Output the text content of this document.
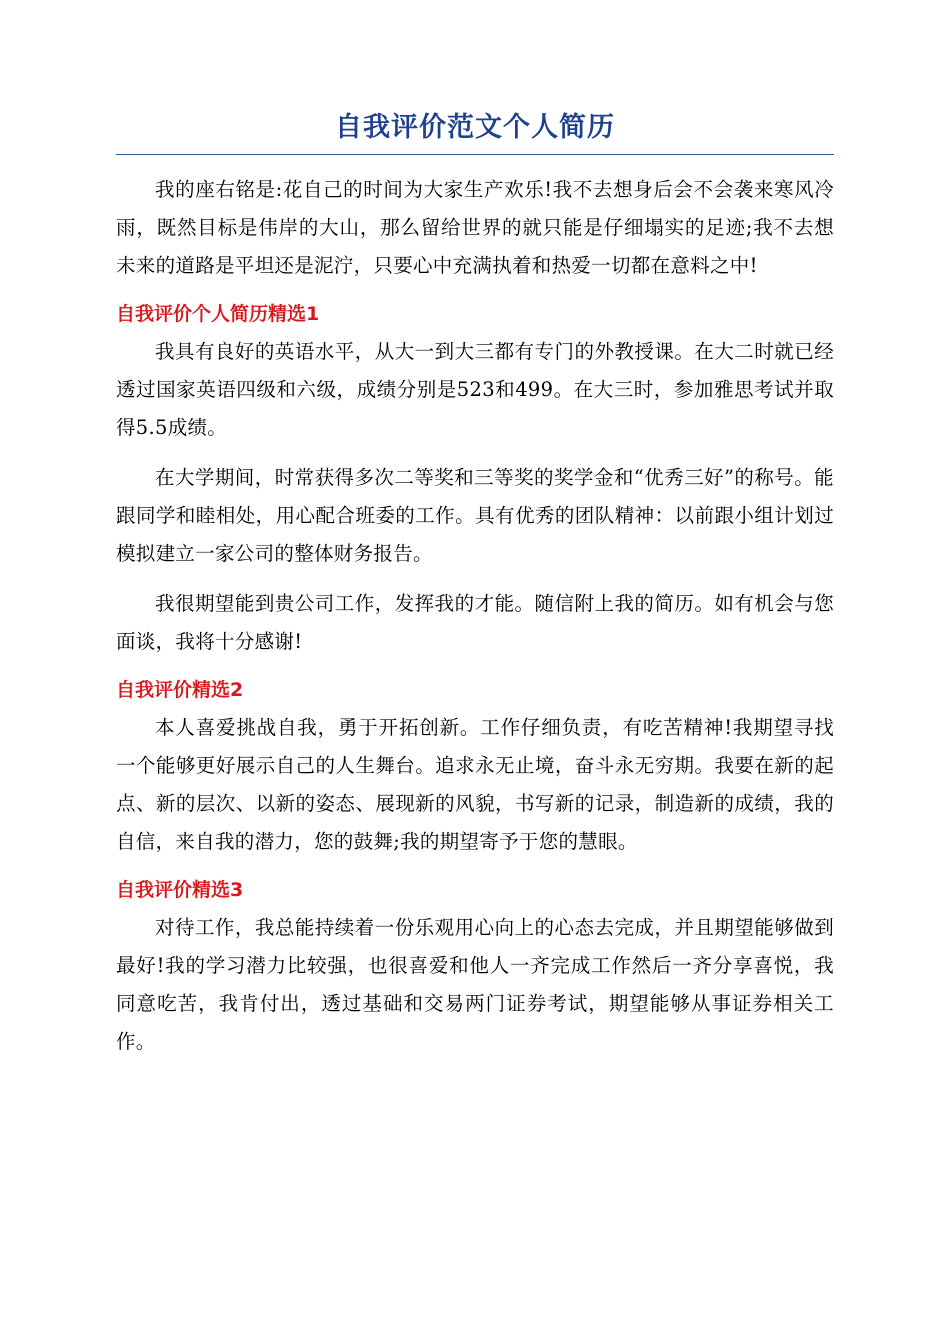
自我评价范文个人简历

我的座右铭是:花自己的时间为大家生产欢乐!我不去想身后会不会袭来寒风冷雨，既然目标是伟岸的大山，那么留给世界的就只能是仔细塌实的足迹;我不去想未来的道路是平坦还是泥泞，只要心中充满执着和热爱一切都在意料之中!

自我评价个人简历精选1

我具有良好的英语水平，从大一到大三都有专门的外教授课。在大二时就已经透过国家英语四级和六级，成绩分别是523和499。在大三时，参加雅思考试并取得5.5成绩。

在大学期间，时常获得多次二等奖和三等奖的奖学金和“优秀三好”的称号。能跟同学和睦相处，用心配合班委的工作。具有优秀的团队精神：以前跟小组计划过模拟建立一家公司的整体财务报告。

我很期望能到贵公司工作，发挥我的才能。随信附上我的简历。如有机会与您面谈，我将十分感谢!

自我评价精选2

本人喜爱挑战自我，勇于开拓创新。工作仔细负责，有吃苦精神!我期望寻找一个能够更好展示自己的人生舞台。追求永无止境，奋斗永无穷期。我要在新的起点、新的层次、以新的姿态、展现新的风貌，书写新的记录，制造新的成绩，我的自信，来自我的潜力，您的鼓舞;我的期望寄予于您的慧眼。

自我评价精选3

对待工作，我总能持续着一份乐观用心向上的心态去完成，并且期望能够做到最好!我的学习潜力比较强，也很喜爱和他人一齐完成工作然后一齐分享喜悦，我同意吃苦，我肯付出，透过基础和交易两门证券考试，期望能够从事证券相关工作。
